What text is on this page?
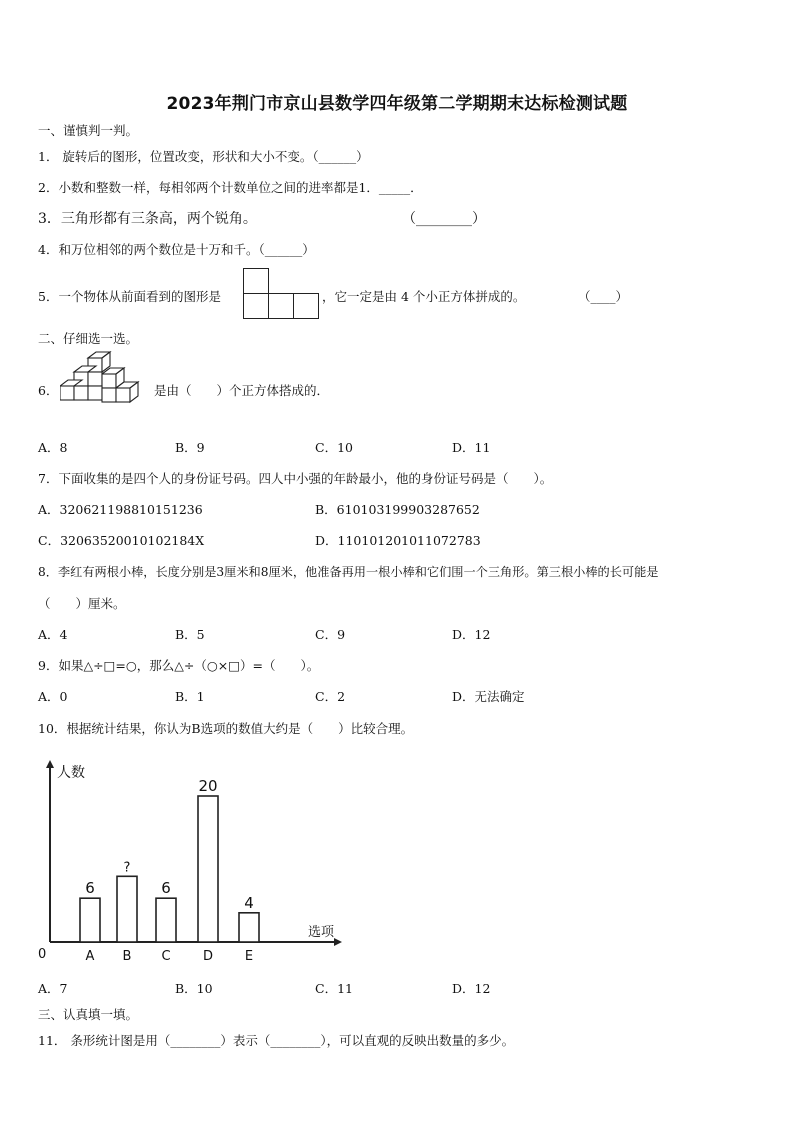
2023年荆门市京山县数学四年级第二学期期末达标检测试题
一、谨慎判一判。
1． 旋转后的图形，位置改变，形状和大小不变。（______）
2．小数和整数一样，每相邻两个计数单位之间的进率都是1．_____．
3．三角形都有三条高，两个锐角。	（________）
4．和万位相邻的两个数位是十万和千。（______）
5．一个物体从前面看到的图形是	，它一定是由 4 个小正方体拼成的。	（____）
二、仔细选一选。
6．	是由（　　）个正方体搭成的．
A．8	B．9	C．10	D．11
7．下面收集的是四个人的身份证号码。四人中小强的年龄最小，他的身份证号码是（　　）。
A．320621198810151236	B．610103199903287652
C．32063520010102184X	D．110101201011072783
8．李红有两根小棒，长度分别是3厘米和8厘米，他准备再用一根小棒和它们围一个三角形。第三根小棒的长可能是
（　　）厘米。
A．4	B．5	C．9	D．12
9．如果△÷□=○，那么△÷（○×□）=（　　）。
A．0	B．1	C．2	D．无法确定
10．根据统计结果，你认为B选项的数值大约是（　　）比较合理。
人数
选项
0
6
A
?
B
6
C
20
D
4
E
A．7	B．10	C．11	D．12
三、认真填一填。
11． 条形统计图是用（________）表示（________），可以直观的反映出数量的多少。
